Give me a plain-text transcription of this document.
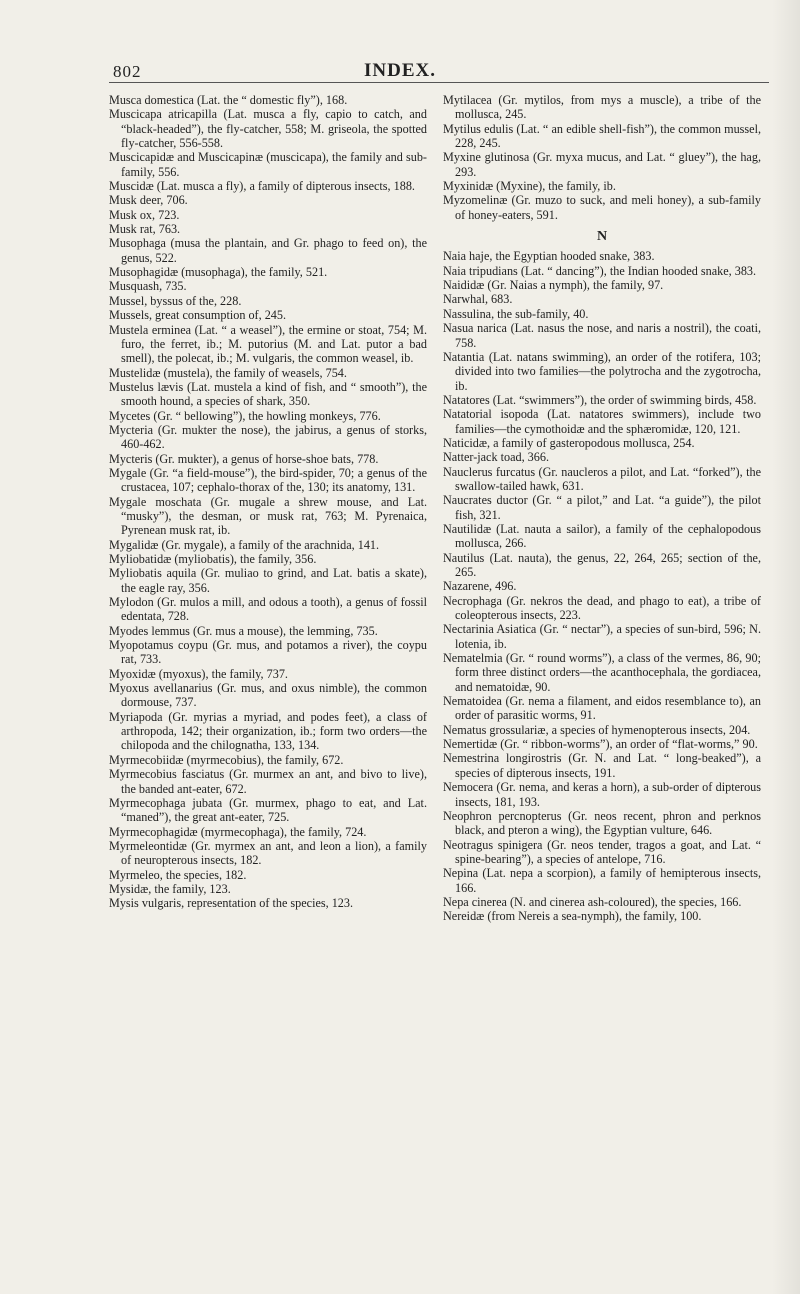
802	INDEX.

Musca domestica (Lat. the “ domestic fly”), 168.

Muscicapa atricapilla (Lat. musca a fly, capio to catch, and “black-headed”), the fly-catcher, 558; M. griseola, the spotted fly-catcher, 556-558.

Muscicapidæ and Muscicapinæ (muscicapa), the family and sub-family, 556.

Muscidæ (Lat. musca a fly), a family of dipterous insects, 188.

Musk deer, 706.

Musk ox, 723.

Musk rat, 763.

Musophaga (musa the plantain, and Gr. phago to feed on), the genus, 522.

Musophagidæ (musophaga), the family, 521.

Musquash, 735.

Mussel, byssus of the, 228.

Mussels, great consumption of, 245.

Mustela erminea (Lat. “ a weasel”), the ermine or stoat, 754; M. furo, the ferret, ib.; M. putorius (M. and Lat. putor a bad smell), the polecat, ib.; M. vulgaris, the common weasel, ib.

Mustelidæ (mustela), the family of weasels, 754.

Mustelus lævis (Lat. mustela a kind of fish, and “ smooth”), the smooth hound, a species of shark, 350.

Mycetes (Gr. “ bellowing”), the howling monkeys, 776.

Mycteria (Gr. mukter the nose), the jabirus, a genus of storks, 460-462.

Mycteris (Gr. mukter), a genus of horse-shoe bats, 778.

Mygale (Gr. “a field-mouse”), the bird-spider, 70; a genus of the crustacea, 107; cephalo-thorax of the, 130; its anatomy, 131.

Mygale moschata (Gr. mugale a shrew mouse, and Lat. “musky”), the desman, or musk rat, 763; M. Pyrenaica, Pyrenean musk rat, ib.

Mygalidæ (Gr. mygale), a family of the arachnida, 141.

Myliobatidæ (myliobatis), the family, 356.

Myliobatis aquila (Gr. muliao to grind, and Lat. batis a skate), the eagle ray, 356.

Mylodon (Gr. mulos a mill, and odous a tooth), a genus of fossil edentata, 728.

Myodes lemmus (Gr. mus a mouse), the lemming, 735.

Myopotamus coypu (Gr. mus, and potamos a river), the coypu rat, 733.

Myoxidæ (myoxus), the family, 737.

Myoxus avellanarius (Gr. mus, and oxus nimble), the common dormouse, 737.

Myriapoda (Gr. myrias a myriad, and podes feet), a class of arthropoda, 142; their organization, ib.; form two orders—the chilopoda and the chilognatha, 133, 134.

Myrmecobiidæ (myrmecobius), the family, 672.

Myrmecobius fasciatus (Gr. murmex an ant, and bivo to live), the banded ant-eater, 672.

Myrmecophaga jubata (Gr. murmex, phago to eat, and Lat. “maned”), the great ant-eater, 725.

Myrmecophagidæ (myrmecophaga), the family, 724.

Myrmeleontidæ (Gr. myrmex an ant, and leon a lion), a family of neuropterous insects, 182.

Myrmeleo, the species, 182.

Mysidæ, the family, 123.

Mysis vulgaris, representation of the species, 123.

Mytilacea (Gr. mytilos, from mys a muscle), a tribe of the mollusca, 245.

Mytilus edulis (Lat. “ an edible shell-fish”), the common mussel, 228, 245.

Myxine glutinosa (Gr. myxa mucus, and Lat. “ gluey”), the hag, 293.

Myxinidæ (Myxine), the family, ib.

Myzomelinæ (Gr. muzo to suck, and meli honey), a sub-family of honey-eaters, 591.

N

Naia haje, the Egyptian hooded snake, 383.

Naia tripudians (Lat. “ dancing”), the Indian hooded snake, 383.

Naididæ (Gr. Naias a nymph), the family, 97.

Narwhal, 683.

Nassulina, the sub-family, 40.

Nasua narica (Lat. nasus the nose, and naris a nostril), the coati, 758.

Natantia (Lat. natans swimming), an order of the rotifera, 103; divided into two families—the polytrocha and the zygotrocha, ib.

Natatores (Lat. “swimmers”), the order of swimming birds, 458.

Natatorial isopoda (Lat. natatores swimmers), include two families—the cymothoidæ and the sphæromidæ, 120, 121.

Naticidæ, a family of gasteropodous mollusca, 254.

Natter-jack toad, 366.

Nauclerus furcatus (Gr. naucleros a pilot, and Lat. “forked”), the swallow-tailed hawk, 631.

Naucrates ductor (Gr. “ a pilot,” and Lat. “a guide”), the pilot fish, 321.

Nautilidæ (Lat. nauta a sailor), a family of the cephalopodous mollusca, 266.

Nautilus (Lat. nauta), the genus, 22, 264, 265; section of the, 265.

Nazarene, 496.

Necrophaga (Gr. nekros the dead, and phago to eat), a tribe of coleopterous insects, 223.

Nectarinia Asiatica (Gr. “ nectar”), a species of sun-bird, 596; N. lotenia, ib.

Nematelmia (Gr. “ round worms”), a class of the vermes, 86, 90; form three distinct orders—the acanthocephala, the gordiacea, and nematoidæ, 90.

Nematoidea (Gr. nema a filament, and eidos resemblance to), an order of parasitic worms, 91.

Nematus grossulariæ, a species of hymenopterous insects, 204.

Nemertidæ (Gr. “ ribbon-worms”), an order of “flat-worms,” 90.

Nemestrina longirostris (Gr. N. and Lat. “ long-beaked”), a species of dipterous insects, 191.

Nemocera (Gr. nema, and keras a horn), a sub-order of dipterous insects, 181, 193.

Neophron percnopterus (Gr. neos recent, phron and perknos black, and pteron a wing), the Egyptian vulture, 646.

Neotragus spinigera (Gr. neos tender, tragos a goat, and Lat. “ spine-bearing”), a species of antelope, 716.

Nepina (Lat. nepa a scorpion), a family of hemipterous insects, 166.

Nepa cinerea (N. and cinerea ash-coloured), the species, 166.

Nereidæ (from Nereis a sea-nymph), the family, 100.
